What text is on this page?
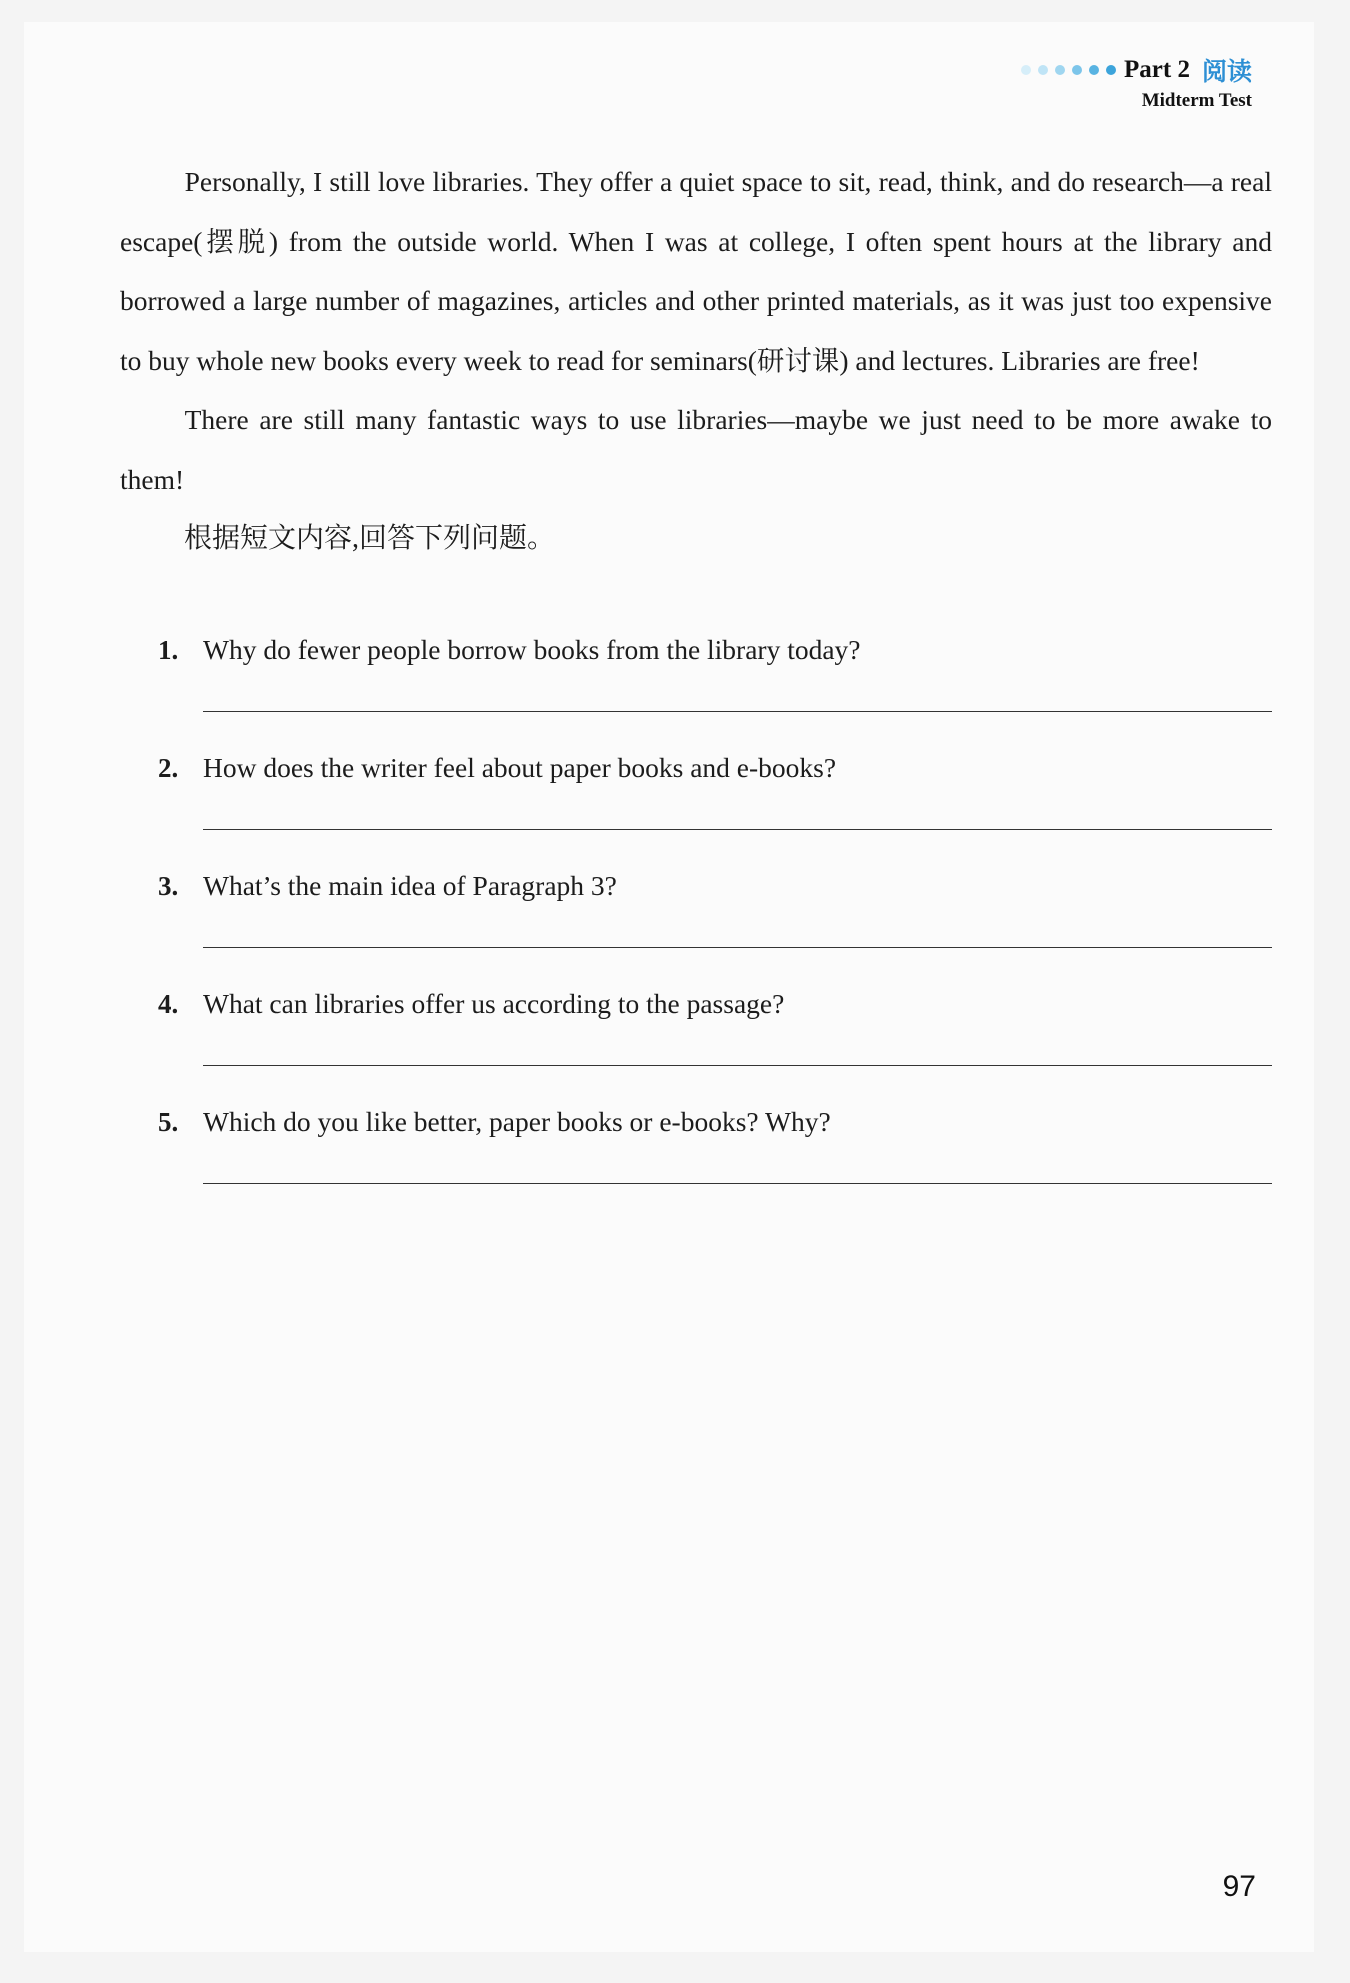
Part 2 阅读
Midterm Test

Personally, I still love libraries. They offer a quiet space to sit, read, think, and do research—a real escape(摆脱) from the outside world. When I was at college, I often spent hours at the library and borrowed a large number of magazines, articles and other printed materials, as it was just too expensive to buy whole new books every week to read for seminars(研讨课) and lectures. Libraries are free!

There are still many fantastic ways to use libraries—maybe we just need to be more awake to them!

根据短文内容,回答下列问题。

1. Why do fewer people borrow books from the library today?
2. How does the writer feel about paper books and e-books?
3. What’s the main idea of Paragraph 3?
4. What can libraries offer us according to the passage?
5. Which do you like better, paper books or e-books? Why?
97
